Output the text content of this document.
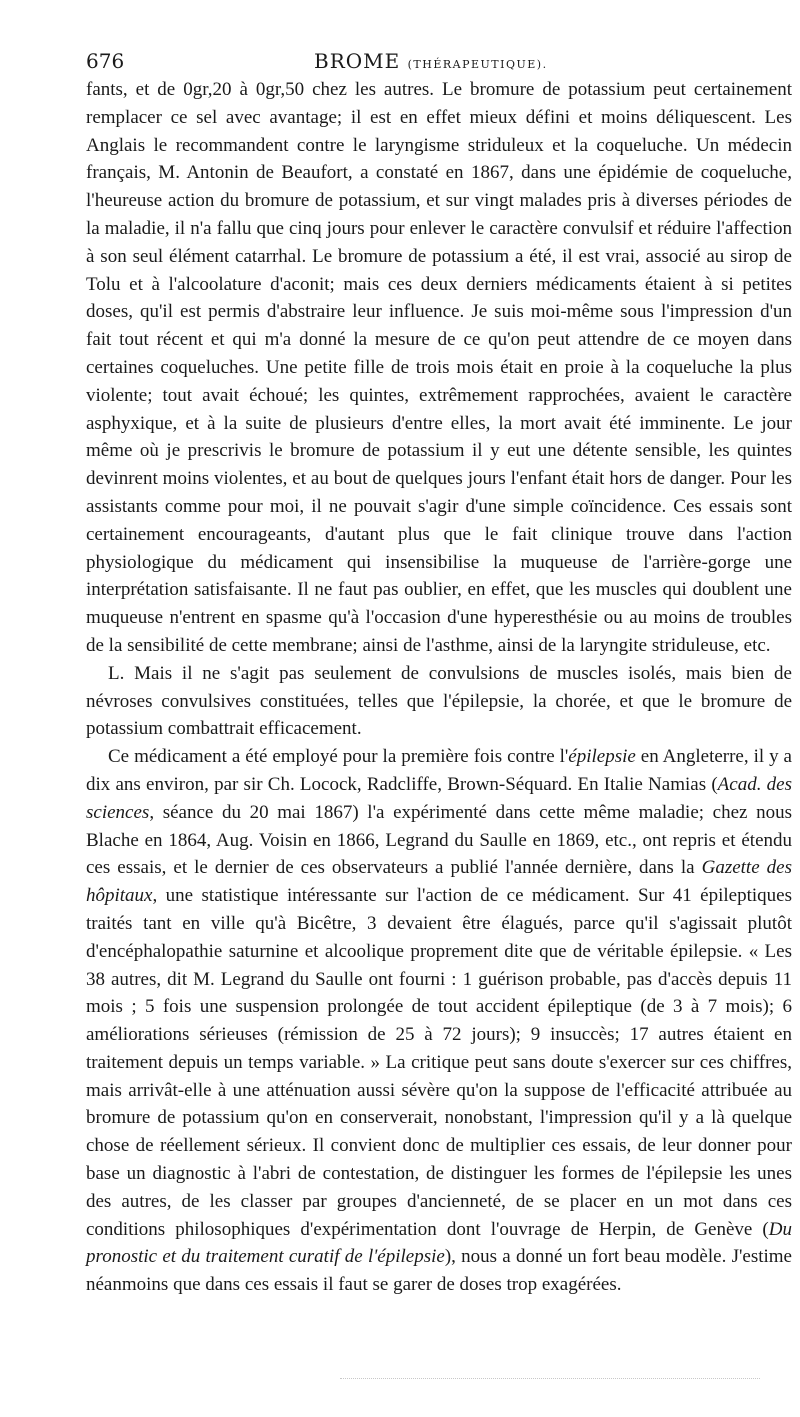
676	BROME (THÉRAPEUTIQUE).

fants, et de 0gr,20 à 0gr,50 chez les autres. Le bromure de potassium peut certainement remplacer ce sel avec avantage; il est en effet mieux défini et moins déliquescent. Les Anglais le recommandent contre le laryngisme striduleux et la coqueluche. Un médecin français, M. Antonin de Beaufort, a constaté en 1867, dans une épidémie de coqueluche, l'heureuse action du bromure de potassium, et sur vingt malades pris à diverses périodes de la maladie, il n'a fallu que cinq jours pour enlever le caractère convulsif et réduire l'affection à son seul élément catarrhal. Le bromure de potassium a été, il est vrai, associé au sirop de Tolu et à l'alcoolature d'aconit; mais ces deux derniers médicaments étaient à si petites doses, qu'il est permis d'abstraire leur influence. Je suis moi-même sous l'impression d'un fait tout récent et qui m'a donné la mesure de ce qu'on peut attendre de ce moyen dans certaines coqueluches. Une petite fille de trois mois était en proie à la coqueluche la plus violente; tout avait échoué; les quintes, extrêmement rapprochées, avaient le caractère asphyxique, et à la suite de plusieurs d'entre elles, la mort avait été imminente. Le jour même où je prescrivis le bromure de potassium il y eut une détente sensible, les quintes devinrent moins violentes, et au bout de quelques jours l'enfant était hors de danger. Pour les assistants comme pour moi, il ne pouvait s'agir d'une simple coïncidence. Ces essais sont certainement encourageants, d'autant plus que le fait clinique trouve dans l'action physiologique du médicament qui insensibilise la muqueuse de l'arrière-gorge une interprétation satisfaisante. Il ne faut pas oublier, en effet, que les muscles qui doublent une muqueuse n'entrent en spasme qu'à l'occasion d'une hyperesthésie ou au moins de troubles de la sensibilité de cette membrane; ainsi de l'asthme, ainsi de la laryngite striduleuse, etc.

L. Mais il ne s'agit pas seulement de convulsions de muscles isolés, mais bien de névroses convulsives constituées, telles que l'épilepsie, la chorée, et que le bromure de potassium combattrait efficacement.

Ce médicament a été employé pour la première fois contre l'épilepsie en Angleterre, il y a dix ans environ, par sir Ch. Locock, Radcliffe, Brown-Séquard. En Italie Namias (Acad. des sciences, séance du 20 mai 1867) l'a expérimenté dans cette même maladie; chez nous Blache en 1864, Aug. Voisin en 1866, Legrand du Saulle en 1869, etc., ont repris et étendu ces essais, et le dernier de ces observateurs a publié l'année dernière, dans la Gazette des hôpitaux, une statistique intéressante sur l'action de ce médicament. Sur 41 épileptiques traités tant en ville qu'à Bicêtre, 3 devaient être élagués, parce qu'il s'agissait plutôt d'encéphalopathie saturnine et alcoolique proprement dite que de véritable épilepsie. « Les 38 autres, dit M. Legrand du Saulle ont fourni : 1 guérison probable, pas d'accès depuis 11 mois ; 5 fois une suspension prolongée de tout accident épileptique (de 3 à 7 mois); 6 améliorations sérieuses (rémission de 25 à 72 jours); 9 insuccès; 17 autres étaient en traitement depuis un temps variable. » La critique peut sans doute s'exercer sur ces chiffres, mais arrivât-elle à une atténuation aussi sévère qu'on la suppose de l'efficacité attribuée au bromure de potassium qu'on en conserverait, nonobstant, l'impression qu'il y a là quelque chose de réellement sérieux. Il convient donc de multiplier ces essais, de leur donner pour base un diagnostic à l'abri de contestation, de distinguer les formes de l'épilepsie les unes des autres, de les classer par groupes d'ancienneté, de se placer en un mot dans ces conditions philosophiques d'expérimentation dont l'ouvrage de Herpin, de Genève (Du pronostic et du traitement curatif de l'épilepsie), nous a donné un fort beau modèle. J'estime néanmoins que dans ces essais il faut se garer de doses trop exagérées.
